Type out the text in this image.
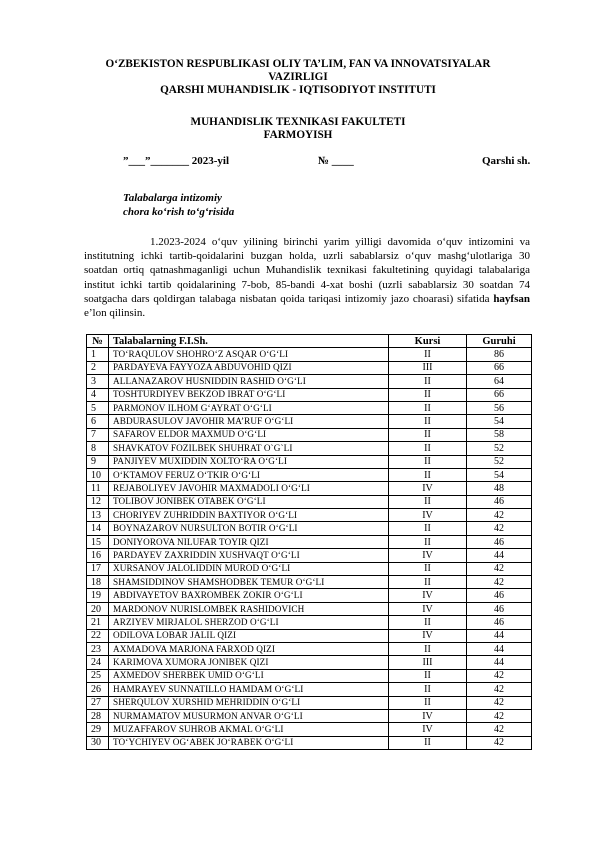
O‘ZBEKISTON RESPUBLIKASI OLIY TA’LIM, FAN VA INNOVATSIYALAR
VAZIRLIGI
QARSHI MUHANDISLIK - IQTISODIYOT INSTITUTI
MUHANDISLIK TEXNIKASI FAKULTETI
FARMOYISH
”___”_______ 2023-yil	№ ____	Qarshi sh.
Talabalarga intizomiy
chora ko‘rish to‘g‘risida

1.2023-2024 o‘quv yilining birinchi yarim yilligi davomida o‘quv intizomini va institutning ichki tartib-qoidalarini buzgan holda, uzrli sabablarsiz o‘quv mashg‘ulotlariga 30 soatdan ortiq qatnashmaganligi uchun Muhandislik texnikasi fakultetining quyidagi talabalariga institut ichki tartib qoidalarining 7-bob, 85-bandi 4-xat boshi (uzrli sabablarsiz 30 soatdan 74 soatgacha dars qoldirgan talabaga nisbatan qoida tariqasi intizomiy jazo choarasi) sifatida hayfsan e’lon qilinsin.

№	Talabalarning F.I.Sh.	Kursi	Guruhi
1	TO‘RAQULOV SHOHRO‘Z ASQAR O‘G‘LI	II	86
2	PARDAYEVA FAYYOZA ABDUVOHID QIZI	III	66
3	ALLANAZAROV HUSNIDDIN RASHID O‘G‘LI	II	64
4	TOSHTURDIYEV BEKZOD IBRAT O‘G‘LI	II	66
5	PARMONOV ILHOM G‘AYRAT O‘G‘LI	II	56
6	ABDURASULOV JAVOHIR MA’RUF O‘G‘LI	II	54
7	SAFAROV ELDOR MAXMUD O‘G‘LI	II	58
8	SHAVKATOV FOZILBEK SHUHRAT O`G`LI	II	52
9	PANJIYEV MUXIDDIN XOLTO‘RA O‘G‘LI	II	52
10	O‘KTAMOV FERUZ O‘TKIR O‘G‘LI	II	54
11	REJABOLIYEV JAVOHIR MAXMADOLI O‘G‘LI	IV	48
12	TOLIBOV JONIBEK OTABEK O‘G‘LI	II	46
13	CHORIYEV ZUHRIDDIN BAXTIYOR O‘G‘LI	IV	42
14	BOYNAZAROV NURSULTON BOTIR O‘G‘LI	II	42
15	DONIYOROVA NILUFAR TOYIR QIZI	II	46
16	PARDAYEV ZAXRIDDIN XUSHVAQT O‘G‘LI	IV	44
17	XURSANOV JALOLIDDIN MUROD O‘G‘LI	II	42
18	SHAMSIDDINOV SHAMSHODBEK TEMUR O‘G‘LI	II	42
19	ABDIVAYETOV BAXROMBEK ZOKIR O‘G‘LI	IV	46
20	MARDONOV NURISLOMBEK RASHIDOVICH	IV	46
21	ARZIYEV MIRJALOL SHERZOD O‘G‘LI	II	46
22	ODILOVA LOBAR JALIL QIZI	IV	44
23	AXMADOVA MARJONA FARXOD QIZI	II	44
24	KARIMOVA XUMORA JONIBEK QIZI	III	44
25	AXMEDOV SHERBEK UMID O‘G‘LI	II	42
26	HAMRAYEV SUNNATILLO HAMDAM O‘G‘LI	II	42
27	SHERQULOV XURSHID MEHRIDDIN O‘G‘LI	II	42
28	NURMAMATOV MUSURMON ANVAR O‘G‘LI	IV	42
29	MUZAFFAROV SUHROB AKMAL O‘G‘LI	IV	42
30	TO‘YCHIYEV OG‘ABEK JO‘RABEK O‘G‘LI	II	42
